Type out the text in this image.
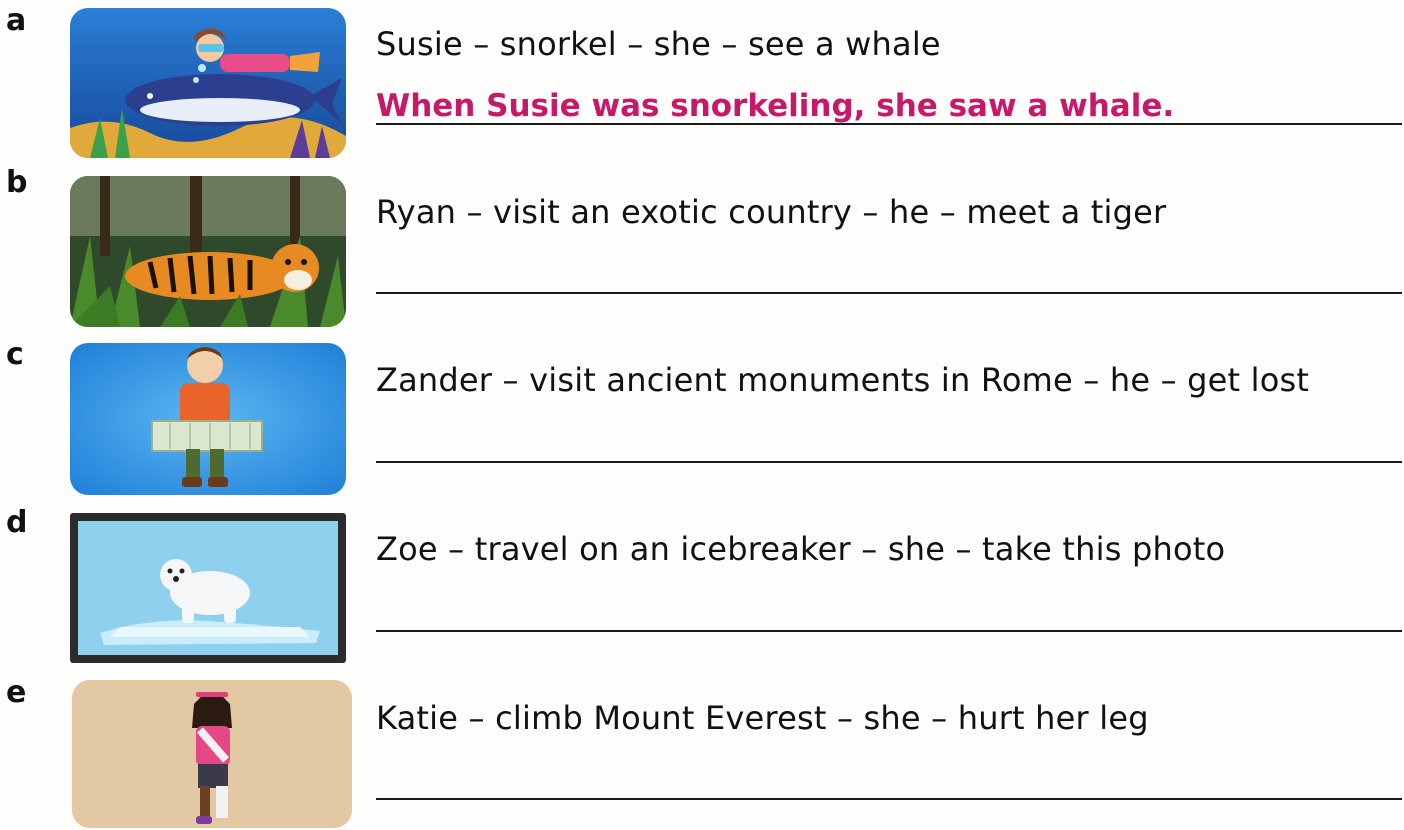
a
Susie – snorkel – she – see a whale
When Susie was snorkeling, she saw a whale.
b
Ryan – visit an exotic country – he – meet a tiger
c
Zander – visit ancient monuments in Rome – he – get lost
d
Zoe – travel on an icebreaker – she – take this photo
e
Katie – climb Mount Everest – she – hurt her leg
